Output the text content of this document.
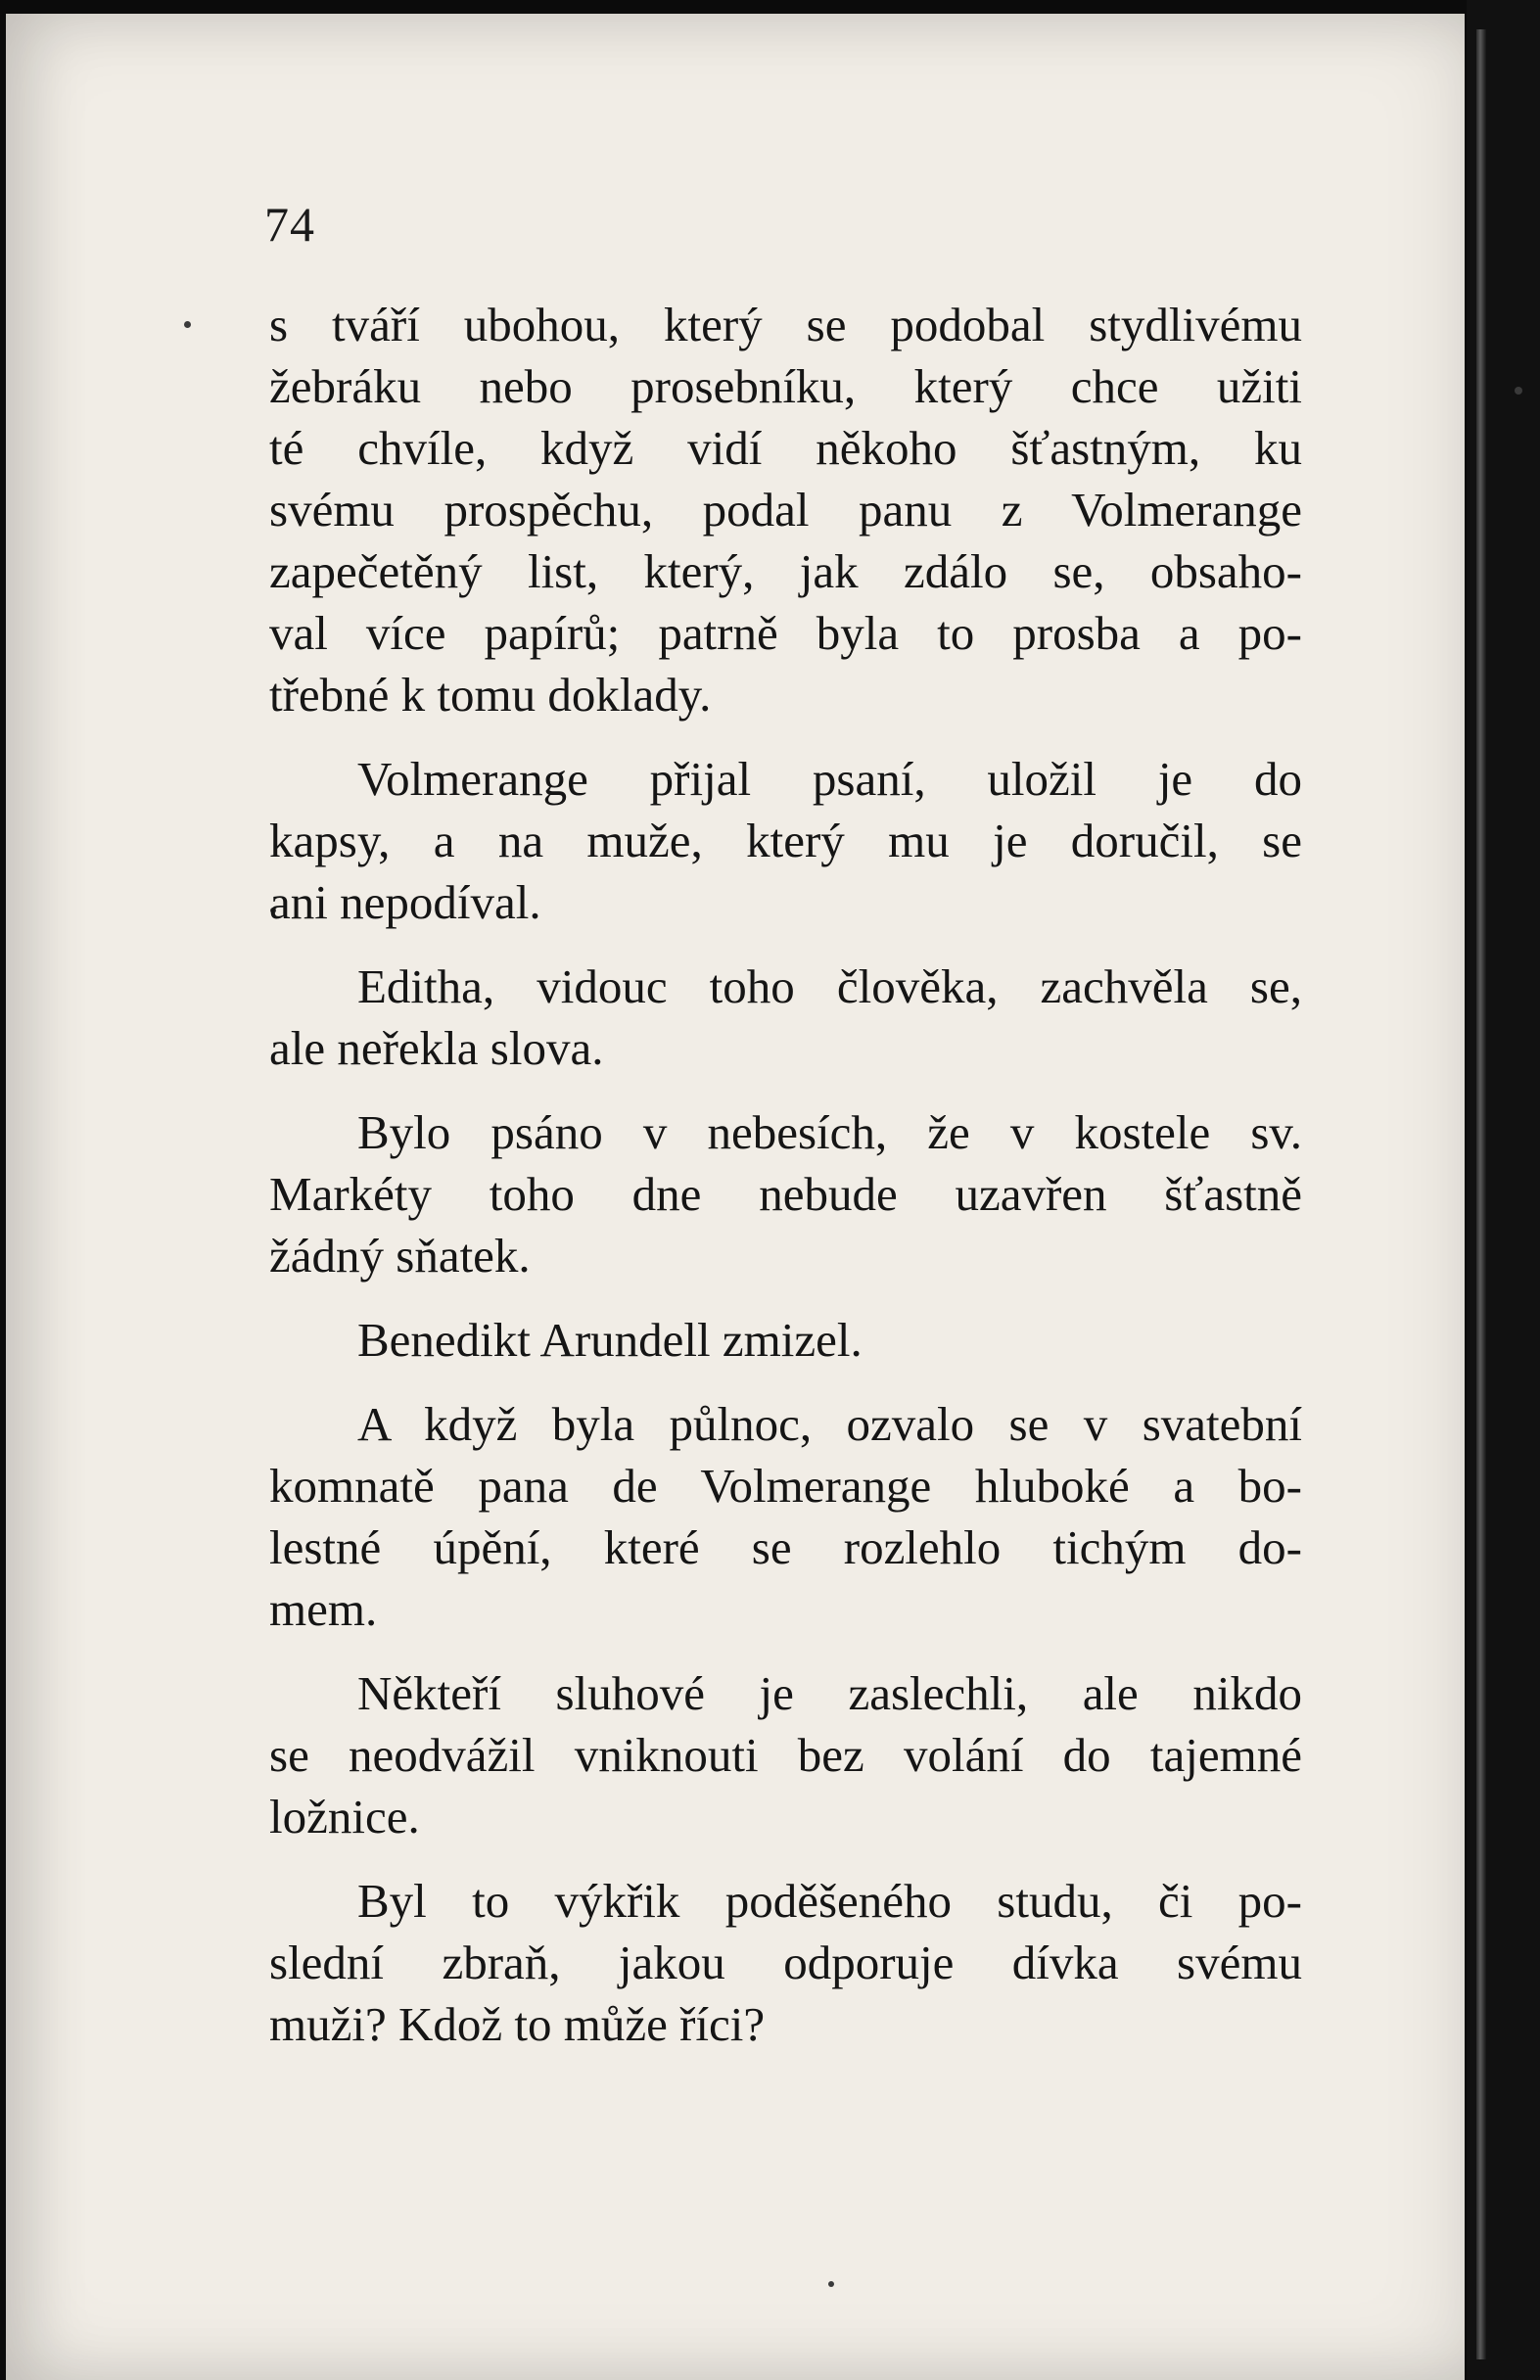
74

s tváří ubohou, který se podobal stydlivému
žebráku nebo prosebníku, který chce užiti
té chvíle, když vidí někoho šťastným, ku
svému prospěchu, podal panu z Volmerange
zapečetěný list, který, jak zdálo se, obsaho-
val více papírů; patrně byla to prosba a po-
třebné k tomu doklady.

Volmerange přijal psaní, uložil je do
kapsy, a na muže, který mu je doručil, se
ani nepodíval.

Editha, vidouc toho člověka, zachvěla se,
ale neřekla slova.

Bylo psáno v nebesích, že v kostele sv.
Markéty toho dne nebude uzavřen šťastně
žádný sňatek.

Benedikt Arundell zmizel.

A když byla půlnoc, ozvalo se v svatební
komnatě pana de Volmerange hluboké a bo-
lestné úpění, které se rozlehlo tichým do-
mem.

Někteří sluhové je zaslechli, ale nikdo
se neodvážil vniknouti bez volání do tajemné
ložnice.

Byl to výkřik poděšeného studu, či po-
slední zbraň, jakou odporuje dívka svému
muži? Kdož to může říci?
